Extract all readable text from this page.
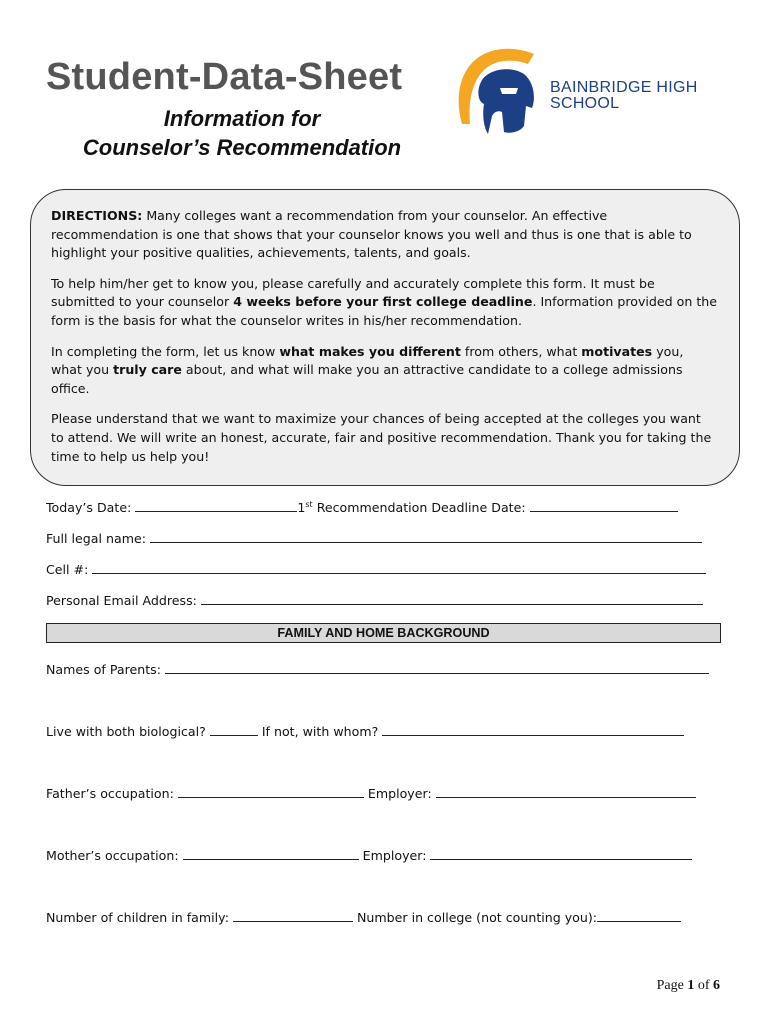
Student-Data-Sheet
Information for
Counselor’s Recommendation
BAINBRIDGE HIGH
SCHOOL

DIRECTIONS: Many colleges want a recommendation from your counselor. An effective recommendation is one that shows that your counselor knows you well and thus is one that is able to highlight your positive qualities, achievements, talents, and goals.

To help him/her get to know you, please carefully and accurately complete this form. It must be submitted to your counselor 4 weeks before your first college deadline. Information provided on the form is the basis for what the counselor writes in his/her recommendation.

In completing the form, let us know what makes you different from others, what motivates you, what you truly care about, and what will make you an attractive candidate to a college admissions office.

Please understand that we want to maximize your chances of being accepted at the colleges you want to attend. We will write an honest, accurate, fair and positive recommendation. Thank you for taking the time to help us help you!

Today’s Date:	1st Recommendation Deadline Date:
Full legal name:
Cell #:
Personal Email Address:
FAMILY AND HOME BACKGROUND
Names of Parents:
Live with both biological?	If not, with whom?
Father’s occupation:	Employer:
Mother’s occupation:	Employer:
Number of children in family:	Number in college (not counting you):
Page 1 of 6
